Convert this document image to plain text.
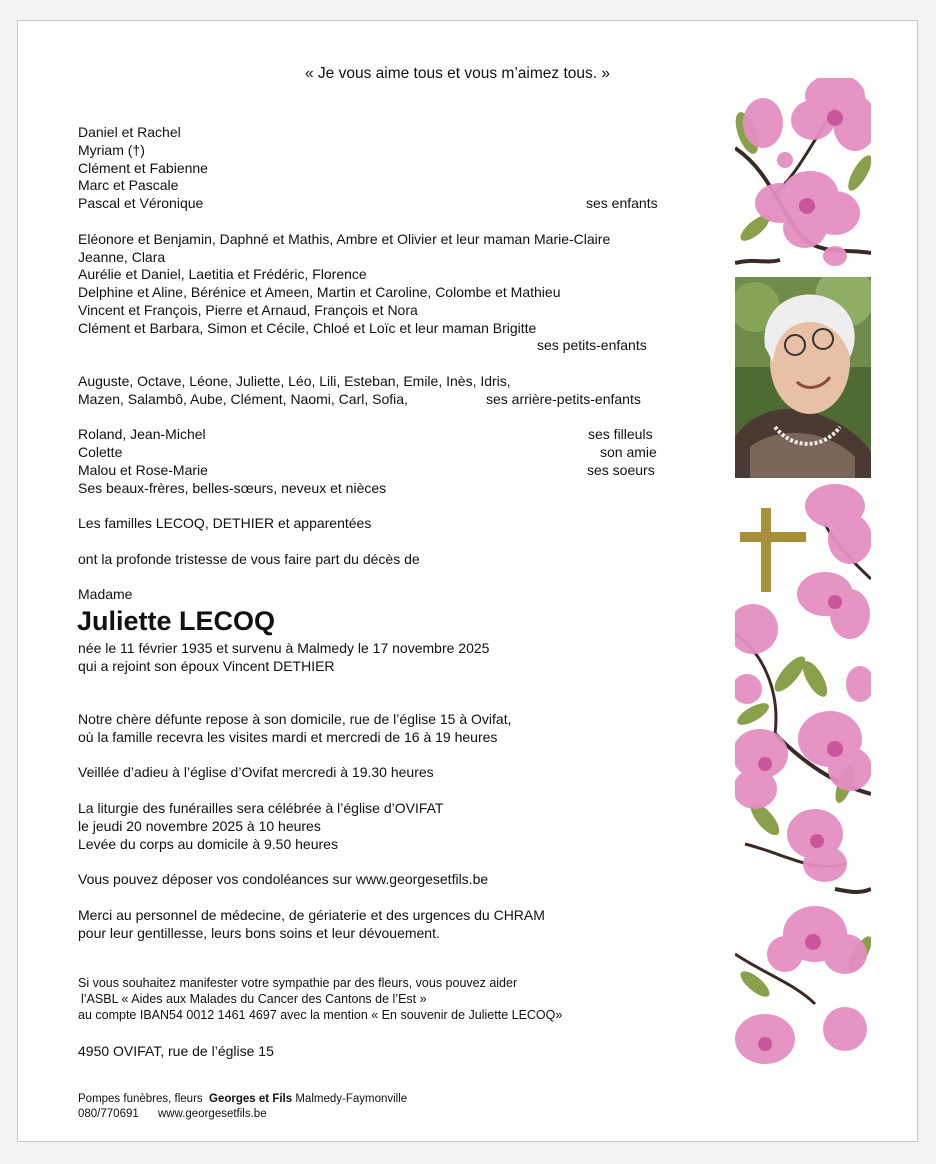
« Je vous aime tous et vous m’aimez tous. »
Daniel et Rachel
Myriam (†)
Clément et Fabienne
Marc et Pascale
Pascal et Véronique	ses enfants
Eléonore et Benjamin, Daphné et Mathis, Ambre et Olivier et leur maman Marie-Claire
Jeanne, Clara
Aurélie et Daniel, Laetitia et Frédéric, Florence
Delphine et Aline, Bérénice et Ameen, Martin et Caroline, Colombe et Mathieu
Vincent et François, Pierre et Arnaud, François et Nora
Clément et Barbara, Simon et Cécile, Chloé et Loïc et leur maman Brigitte
ses petits-enfants
Auguste, Octave, Léone, Juliette, Léo, Lili, Esteban, Emile, Inès, Idris,
Mazen, Salambô, Aube, Clément, Naomi, Carl, Sofia,	ses arrière-petits-enfants
Roland, Jean-Michel	ses filleuls
Colette	son amie
Malou et Rose-Marie	ses soeurs
Ses beaux-frères, belles-sœurs, neveux et nièces
Les familles LECOQ, DETHIER et apparentées
ont la profonde tristesse de vous faire part du décès de
Madame
Juliette LECOQ
née le 11 février 1935 et survenu à Malmedy le 17 novembre 2025
qui a rejoint son époux Vincent DETHIER
Notre chère défunte repose à son domicile, rue de l’église 15 à Ovifat,
où la famille recevra les visites mardi et mercredi de 16 à 19 heures
Veillée d’adieu à l’église d’Ovifat mercredi à 19.30 heures
La liturgie des funérailles sera célébrée à l’église d’OVIFAT
le jeudi 20 novembre 2025 à 10 heures
Levée du corps au domicile à 9.50 heures
Vous pouvez déposer vos condoléances sur www.georgesetfils.be
Merci au personnel de médecine, de gériaterie et des urgences du CHRAM
pour leur gentillesse, leurs bons soins et leur dévouement.
Si vous souhaitez manifester votre sympathie par des fleurs, vous pouvez aider
l’ASBL « Aides aux Malades du Cancer des Cantons de l’Est »
au compte IBAN54 0012 1461 4697 avec la mention « En souvenir de Juliette LECOQ»
4950 OVIFAT, rue de l’église 15
Pompes funèbres, fleurs Georges et Fils Malmedy-Faymonville
080/770691 www.georgesetfils.be
